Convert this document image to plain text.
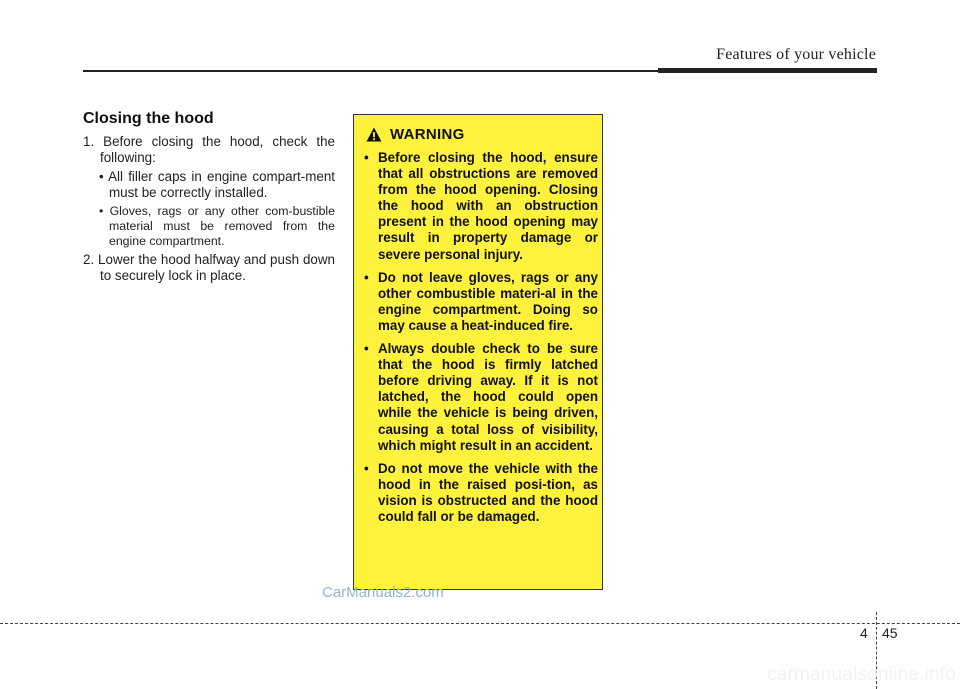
Features of your vehicle
Closing the hood
1. Before closing the hood, check the following:
• All filler caps in engine compart-ment must be correctly installed.
• Gloves, rags or any other com-bustible material must be removed from the engine compartment.
2. Lower the hood halfway and push down to securely lock in place.
WARNING
• Before closing the hood, ensure that all obstructions are removed from the hood opening. Closing the hood with an obstruction present in the hood opening may result in property damage or severe personal injury.
• Do not leave gloves, rags or any other combustible materi-al in the engine compartment. Doing so may cause a heat-induced fire.
• Always double check to be sure that the hood is firmly latched before driving away. If it is not latched, the hood could open while the vehicle is being driven, causing a total loss of visibility, which might result in an accident.
• Do not move the vehicle with the hood in the raised posi-tion, as vision is obstructed and the hood could fall or be damaged.
CarManuals2.com
4 45
carmanualsonline.info
